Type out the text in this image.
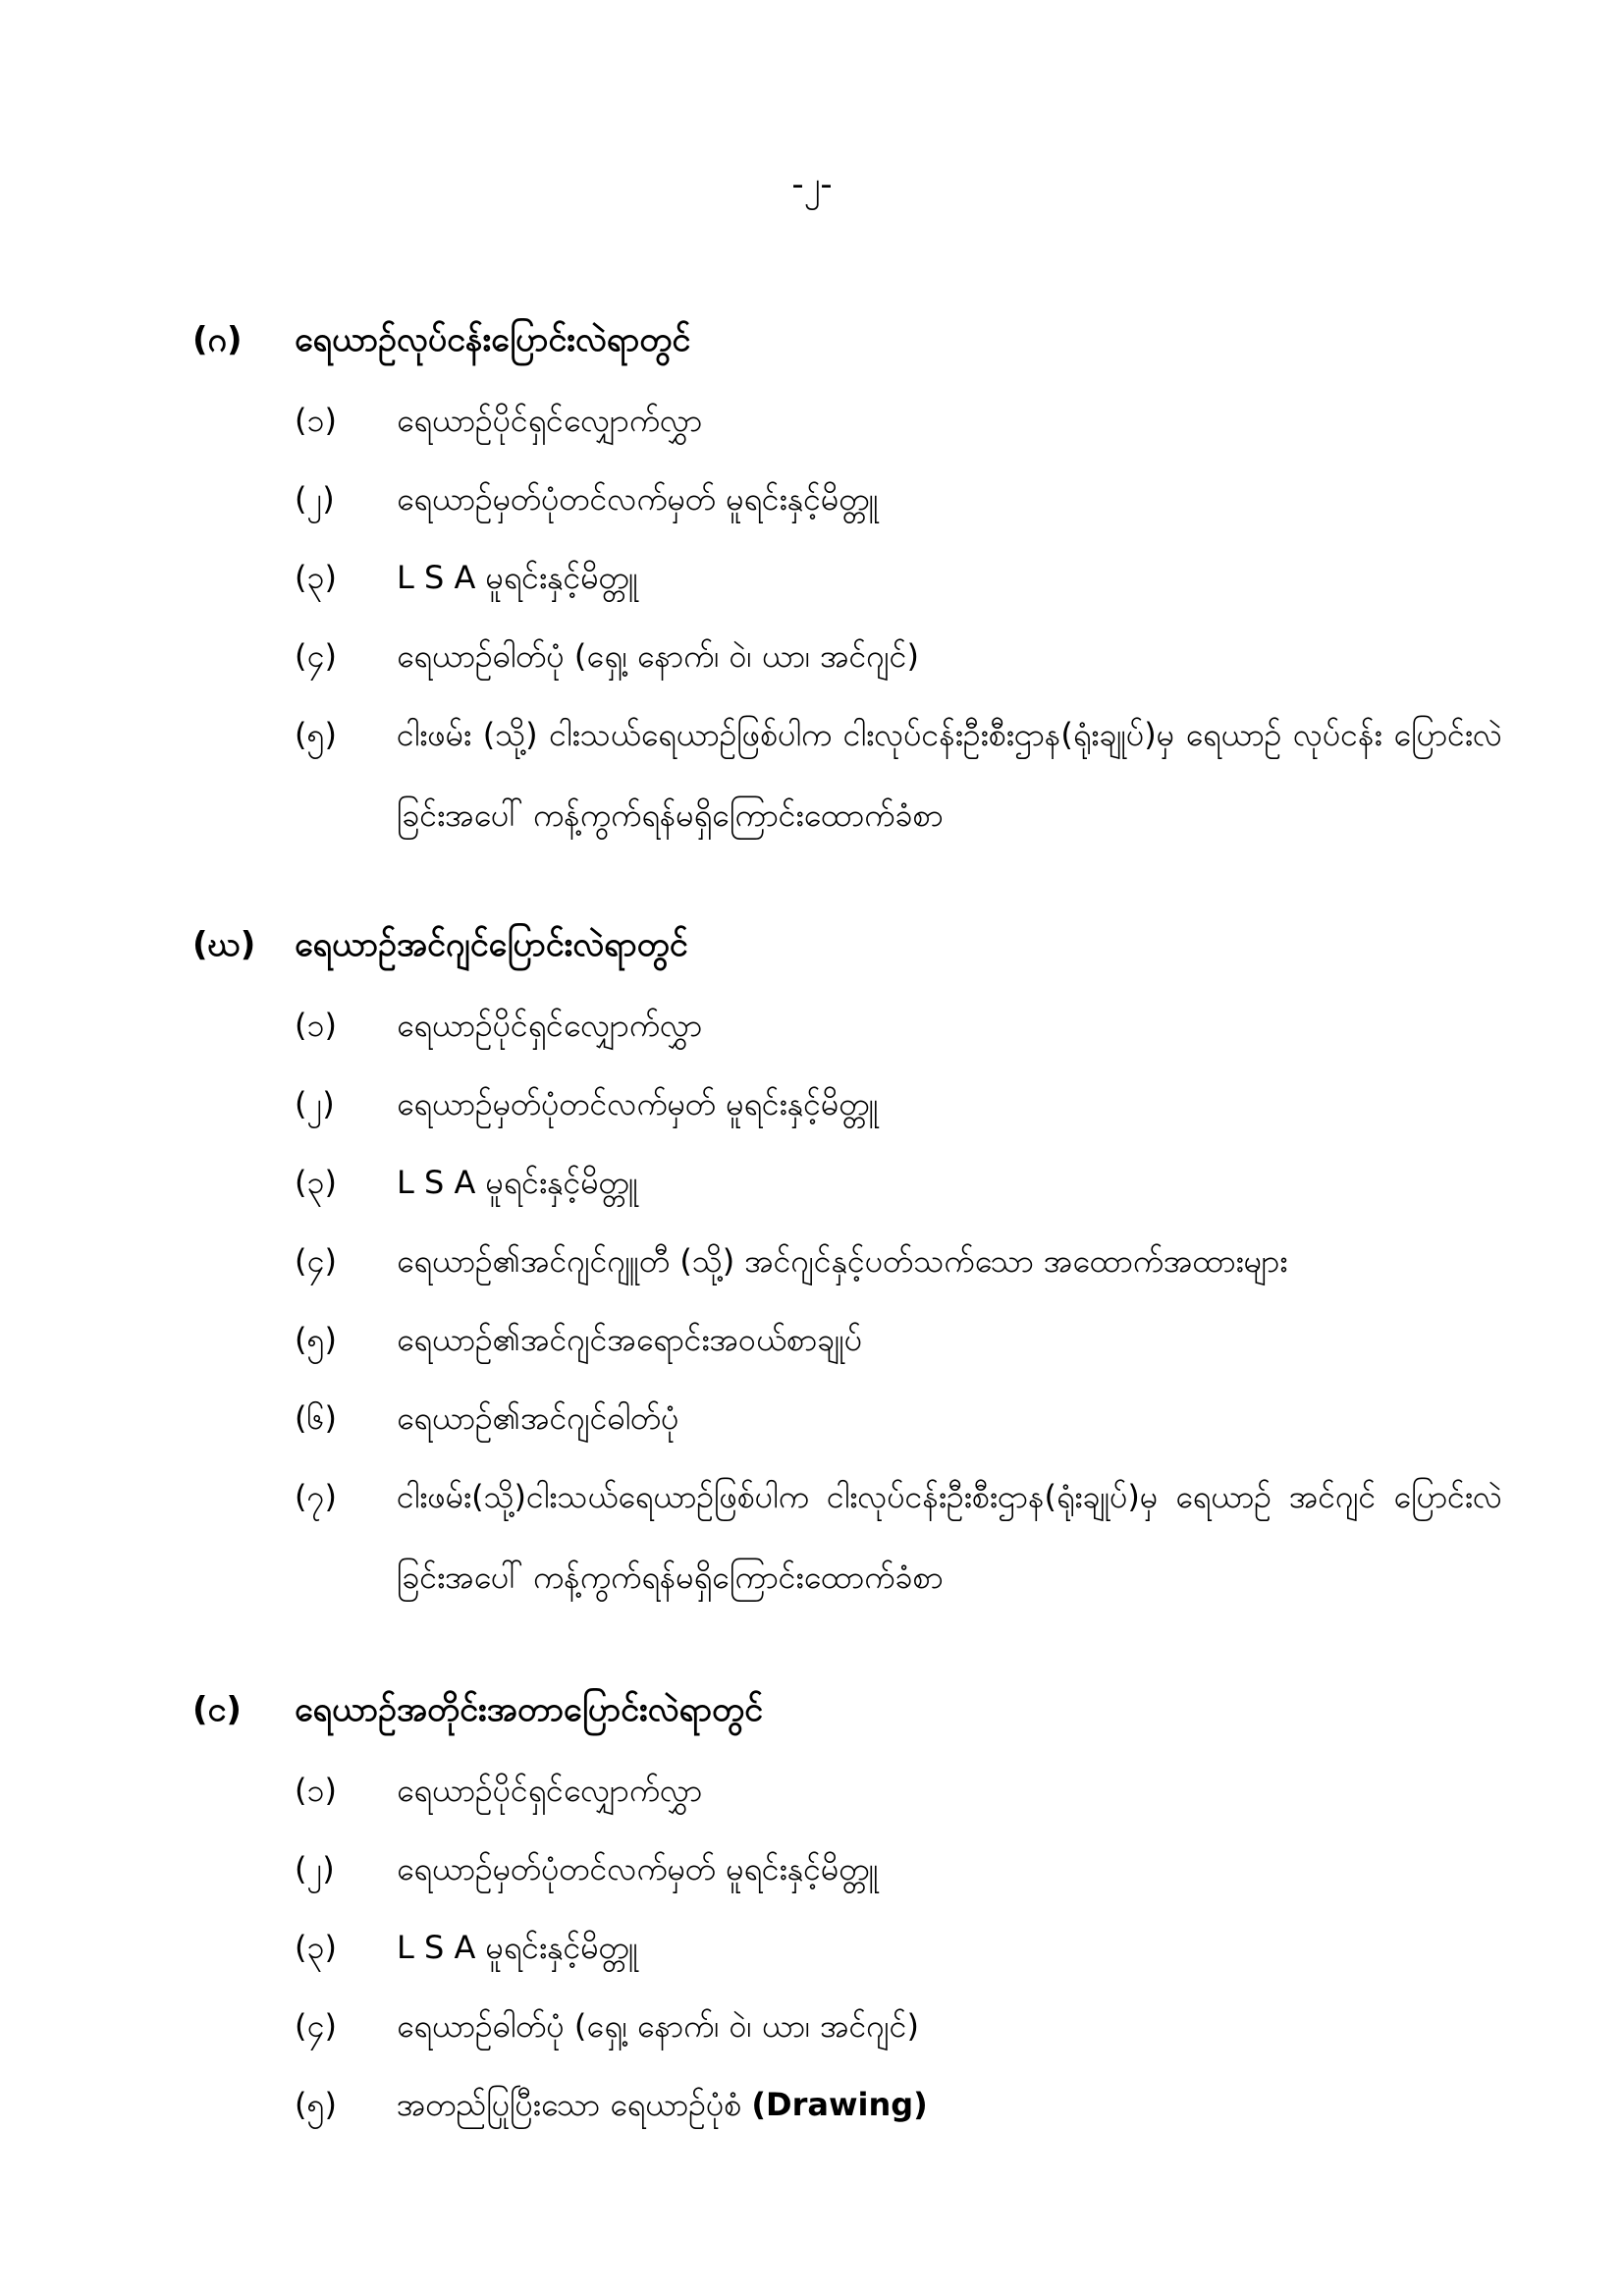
-၂-
(ဂ)	ရေယာဉ်လုပ်ငန်းပြောင်းလဲရာတွင်
(၁)	ရေယာဉ်ပိုင်ရှင်လျှောက်လွှာ
(၂)	ရေယာဉ်မှတ်ပုံတင်လက်မှတ် မူရင်းနှင့်မိတ္တူ
(၃)	L S A မူရင်းနှင့်မိတ္တူ
(၄)	ရေယာဉ်ဓါတ်ပုံ (ရှေ့၊ နောက်၊ ဝဲ၊ ယာ၊ အင်ဂျင်)
(၅)	ငါးဖမ်း (သို့) ငါးသယ်ရေယာဉ်ဖြစ်ပါက ငါးလုပ်ငန်းဦးစီးဌာန(ရုံးချုပ်)မှ ရေယာဉ် လုပ်ငန်း ပြောင်းလဲခြင်းအပေါ် ကန့်ကွက်ရန်မရှိကြောင်းထောက်ခံစာ
(ဃ)	ရေယာဉ်အင်ဂျင်ပြောင်းလဲရာတွင်
(၁)	ရေယာဉ်ပိုင်ရှင်လျှောက်လွှာ
(၂)	ရေယာဉ်မှတ်ပုံတင်လက်မှတ် မူရင်းနှင့်မိတ္တူ
(၃)	L S A မူရင်းနှင့်မိတ္တူ
(၄)	ရေယာဉ်၏အင်ဂျင်ဂျူတီ (သို့) အင်ဂျင်နှင့်ပတ်သက်သော အထောက်အထားများ
(၅)	ရေယာဉ်၏အင်ဂျင်အရောင်းအဝယ်စာချုပ်
(၆)	ရေယာဉ်၏အင်ဂျင်ဓါတ်ပုံ
(၇)	ငါးဖမ်း(သို့)ငါးသယ်ရေယာဉ်ဖြစ်ပါက ငါးလုပ်ငန်းဦးစီးဌာန(ရုံးချုပ်)မှ ရေယာဉ် အင်ဂျင် ပြောင်းလဲခြင်းအပေါ် ကန့်ကွက်ရန်မရှိကြောင်းထောက်ခံစာ
(င)	ရေယာဉ်အတိုင်းအတာပြောင်းလဲရာတွင်
(၁)	ရေယာဉ်ပိုင်ရှင်လျှောက်လွှာ
(၂)	ရေယာဉ်မှတ်ပုံတင်လက်မှတ် မူရင်းနှင့်မိတ္တူ
(၃)	L S A မူရင်းနှင့်မိတ္တူ
(၄)	ရေယာဉ်ဓါတ်ပုံ (ရှေ့၊ နောက်၊ ဝဲ၊ ယာ၊ အင်ဂျင်)
(၅)	အတည်ပြုပြီးသော ရေယာဉ်ပုံစံ (Drawing)
